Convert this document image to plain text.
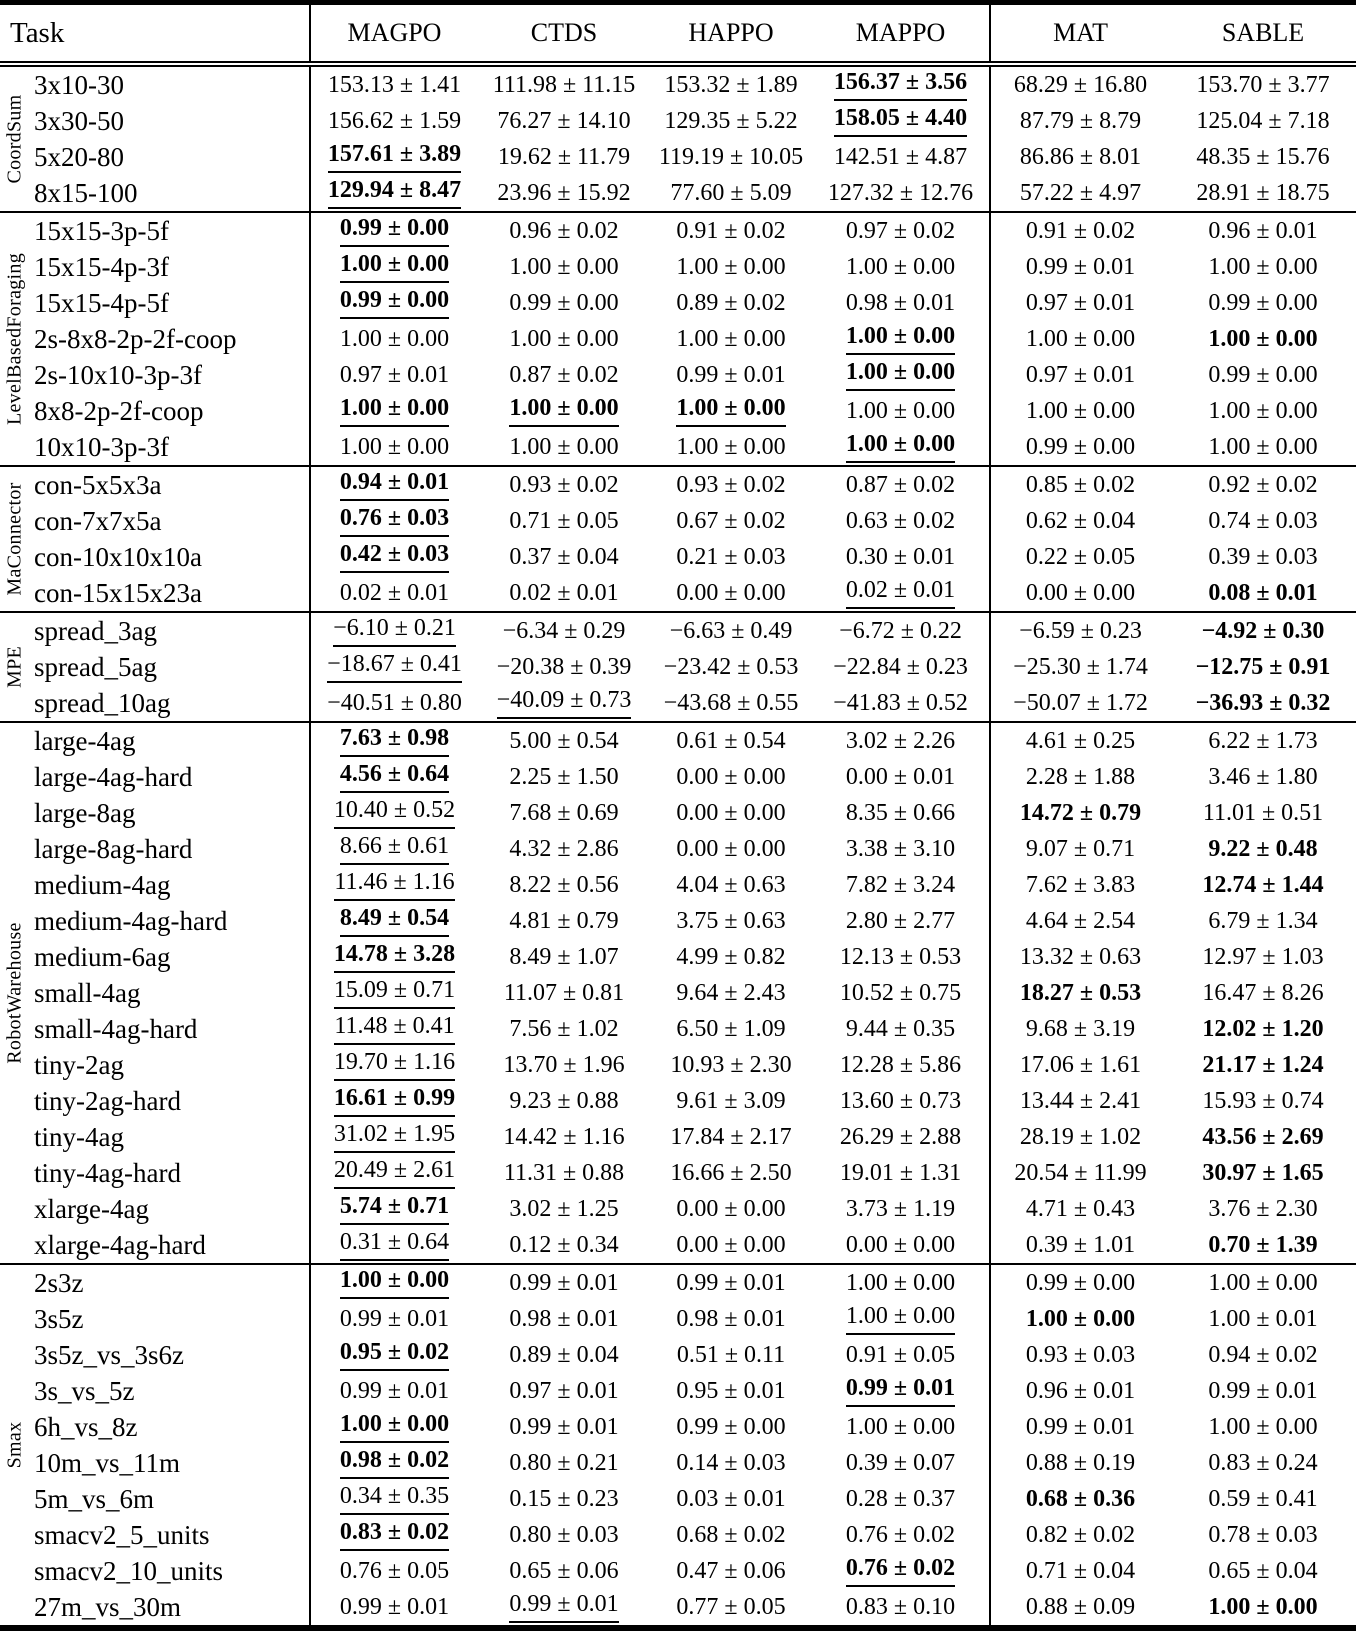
Task		MAGPO	CTDS	HAPPO	MAPPO	MAT	SABLE

CoordSum	3x10-30	153.13 ± 1.41	111.98 ± 11.15	153.32 ± 1.89	156.37 ± 3.56	68.29 ± 16.80	153.70 ± 3.77
	3x30-50	156.62 ± 1.59	76.27 ± 14.10	129.35 ± 5.22	158.05 ± 4.40	87.79 ± 8.79	125.04 ± 7.18
	5x20-80	157.61 ± 3.89	19.62 ± 11.79	119.19 ± 10.05	142.51 ± 4.87	86.86 ± 8.01	48.35 ± 15.76
	8x15-100	129.94 ± 8.47	23.96 ± 15.92	77.60 ± 5.09	127.32 ± 12.76	57.22 ± 4.97	28.91 ± 18.75

LevelBasedForaging	15x15-3p-5f	0.99 ± 0.00	0.96 ± 0.02	0.91 ± 0.02	0.97 ± 0.02	0.91 ± 0.02	0.96 ± 0.01
	15x15-4p-3f	1.00 ± 0.00	1.00 ± 0.00	1.00 ± 0.00	1.00 ± 0.00	0.99 ± 0.01	1.00 ± 0.00
	15x15-4p-5f	0.99 ± 0.00	0.99 ± 0.00	0.89 ± 0.02	0.98 ± 0.01	0.97 ± 0.01	0.99 ± 0.00
	2s-8x8-2p-2f-coop	1.00 ± 0.00	1.00 ± 0.00	1.00 ± 0.00	1.00 ± 0.00	1.00 ± 0.00	1.00 ± 0.00
	2s-10x10-3p-3f	0.97 ± 0.01	0.87 ± 0.02	0.99 ± 0.01	1.00 ± 0.00	0.97 ± 0.01	0.99 ± 0.00
	8x8-2p-2f-coop	1.00 ± 0.00	1.00 ± 0.00	1.00 ± 0.00	1.00 ± 0.00	1.00 ± 0.00	1.00 ± 0.00
	10x10-3p-3f	1.00 ± 0.00	1.00 ± 0.00	1.00 ± 0.00	1.00 ± 0.00	0.99 ± 0.00	1.00 ± 0.00

MaConnector	con-5x5x3a	0.94 ± 0.01	0.93 ± 0.02	0.93 ± 0.02	0.87 ± 0.02	0.85 ± 0.02	0.92 ± 0.02
	con-7x7x5a	0.76 ± 0.03	0.71 ± 0.05	0.67 ± 0.02	0.63 ± 0.02	0.62 ± 0.04	0.74 ± 0.03
	con-10x10x10a	0.42 ± 0.03	0.37 ± 0.04	0.21 ± 0.03	0.30 ± 0.01	0.22 ± 0.05	0.39 ± 0.03
	con-15x15x23a	0.02 ± 0.01	0.02 ± 0.01	0.00 ± 0.00	0.02 ± 0.01	0.00 ± 0.00	0.08 ± 0.01

MPE	spread_3ag	−6.10 ± 0.21	−6.34 ± 0.29	−6.63 ± 0.49	−6.72 ± 0.22	−6.59 ± 0.23	−4.92 ± 0.30
	spread_5ag	−18.67 ± 0.41	−20.38 ± 0.39	−23.42 ± 0.53	−22.84 ± 0.23	−25.30 ± 1.74	−12.75 ± 0.91
	spread_10ag	−40.51 ± 0.80	−40.09 ± 0.73	−43.68 ± 0.55	−41.83 ± 0.52	−50.07 ± 1.72	−36.93 ± 0.32

RobotWarehouse	large-4ag	7.63 ± 0.98	5.00 ± 0.54	0.61 ± 0.54	3.02 ± 2.26	4.61 ± 0.25	6.22 ± 1.73
	large-4ag-hard	4.56 ± 0.64	2.25 ± 1.50	0.00 ± 0.00	0.00 ± 0.01	2.28 ± 1.88	3.46 ± 1.80
	large-8ag	10.40 ± 0.52	7.68 ± 0.69	0.00 ± 0.00	8.35 ± 0.66	14.72 ± 0.79	11.01 ± 0.51
	large-8ag-hard	8.66 ± 0.61	4.32 ± 2.86	0.00 ± 0.00	3.38 ± 3.10	9.07 ± 0.71	9.22 ± 0.48
	medium-4ag	11.46 ± 1.16	8.22 ± 0.56	4.04 ± 0.63	7.82 ± 3.24	7.62 ± 3.83	12.74 ± 1.44
	medium-4ag-hard	8.49 ± 0.54	4.81 ± 0.79	3.75 ± 0.63	2.80 ± 2.77	4.64 ± 2.54	6.79 ± 1.34
	medium-6ag	14.78 ± 3.28	8.49 ± 1.07	4.99 ± 0.82	12.13 ± 0.53	13.32 ± 0.63	12.97 ± 1.03
	small-4ag	15.09 ± 0.71	11.07 ± 0.81	9.64 ± 2.43	10.52 ± 0.75	18.27 ± 0.53	16.47 ± 8.26
	small-4ag-hard	11.48 ± 0.41	7.56 ± 1.02	6.50 ± 1.09	9.44 ± 0.35	9.68 ± 3.19	12.02 ± 1.20
	tiny-2ag	19.70 ± 1.16	13.70 ± 1.96	10.93 ± 2.30	12.28 ± 5.86	17.06 ± 1.61	21.17 ± 1.24
	tiny-2ag-hard	16.61 ± 0.99	9.23 ± 0.88	9.61 ± 3.09	13.60 ± 0.73	13.44 ± 2.41	15.93 ± 0.74
	tiny-4ag	31.02 ± 1.95	14.42 ± 1.16	17.84 ± 2.17	26.29 ± 2.88	28.19 ± 1.02	43.56 ± 2.69
	tiny-4ag-hard	20.49 ± 2.61	11.31 ± 0.88	16.66 ± 2.50	19.01 ± 1.31	20.54 ± 11.99	30.97 ± 1.65
	xlarge-4ag	5.74 ± 0.71	3.02 ± 1.25	0.00 ± 0.00	3.73 ± 1.19	4.71 ± 0.43	3.76 ± 2.30
	xlarge-4ag-hard	0.31 ± 0.64	0.12 ± 0.34	0.00 ± 0.00	0.00 ± 0.00	0.39 ± 1.01	0.70 ± 1.39

Smax	2s3z	1.00 ± 0.00	0.99 ± 0.01	0.99 ± 0.01	1.00 ± 0.00	0.99 ± 0.00	1.00 ± 0.00
	3s5z	0.99 ± 0.01	0.98 ± 0.01	0.98 ± 0.01	1.00 ± 0.00	1.00 ± 0.00	1.00 ± 0.01
	3s5z_vs_3s6z	0.95 ± 0.02	0.89 ± 0.04	0.51 ± 0.11	0.91 ± 0.05	0.93 ± 0.03	0.94 ± 0.02
	3s_vs_5z	0.99 ± 0.01	0.97 ± 0.01	0.95 ± 0.01	0.99 ± 0.01	0.96 ± 0.01	0.99 ± 0.01
	6h_vs_8z	1.00 ± 0.00	0.99 ± 0.01	0.99 ± 0.00	1.00 ± 0.00	0.99 ± 0.01	1.00 ± 0.00
	10m_vs_11m	0.98 ± 0.02	0.80 ± 0.21	0.14 ± 0.03	0.39 ± 0.07	0.88 ± 0.19	0.83 ± 0.24
	5m_vs_6m	0.34 ± 0.35	0.15 ± 0.23	0.03 ± 0.01	0.28 ± 0.37	0.68 ± 0.36	0.59 ± 0.41
	smacv2_5_units	0.83 ± 0.02	0.80 ± 0.03	0.68 ± 0.02	0.76 ± 0.02	0.82 ± 0.02	0.78 ± 0.03
	smacv2_10_units	0.76 ± 0.05	0.65 ± 0.06	0.47 ± 0.06	0.76 ± 0.02	0.71 ± 0.04	0.65 ± 0.04
	27m_vs_30m	0.99 ± 0.01	0.99 ± 0.01	0.77 ± 0.05	0.83 ± 0.10	0.88 ± 0.09	1.00 ± 0.00
